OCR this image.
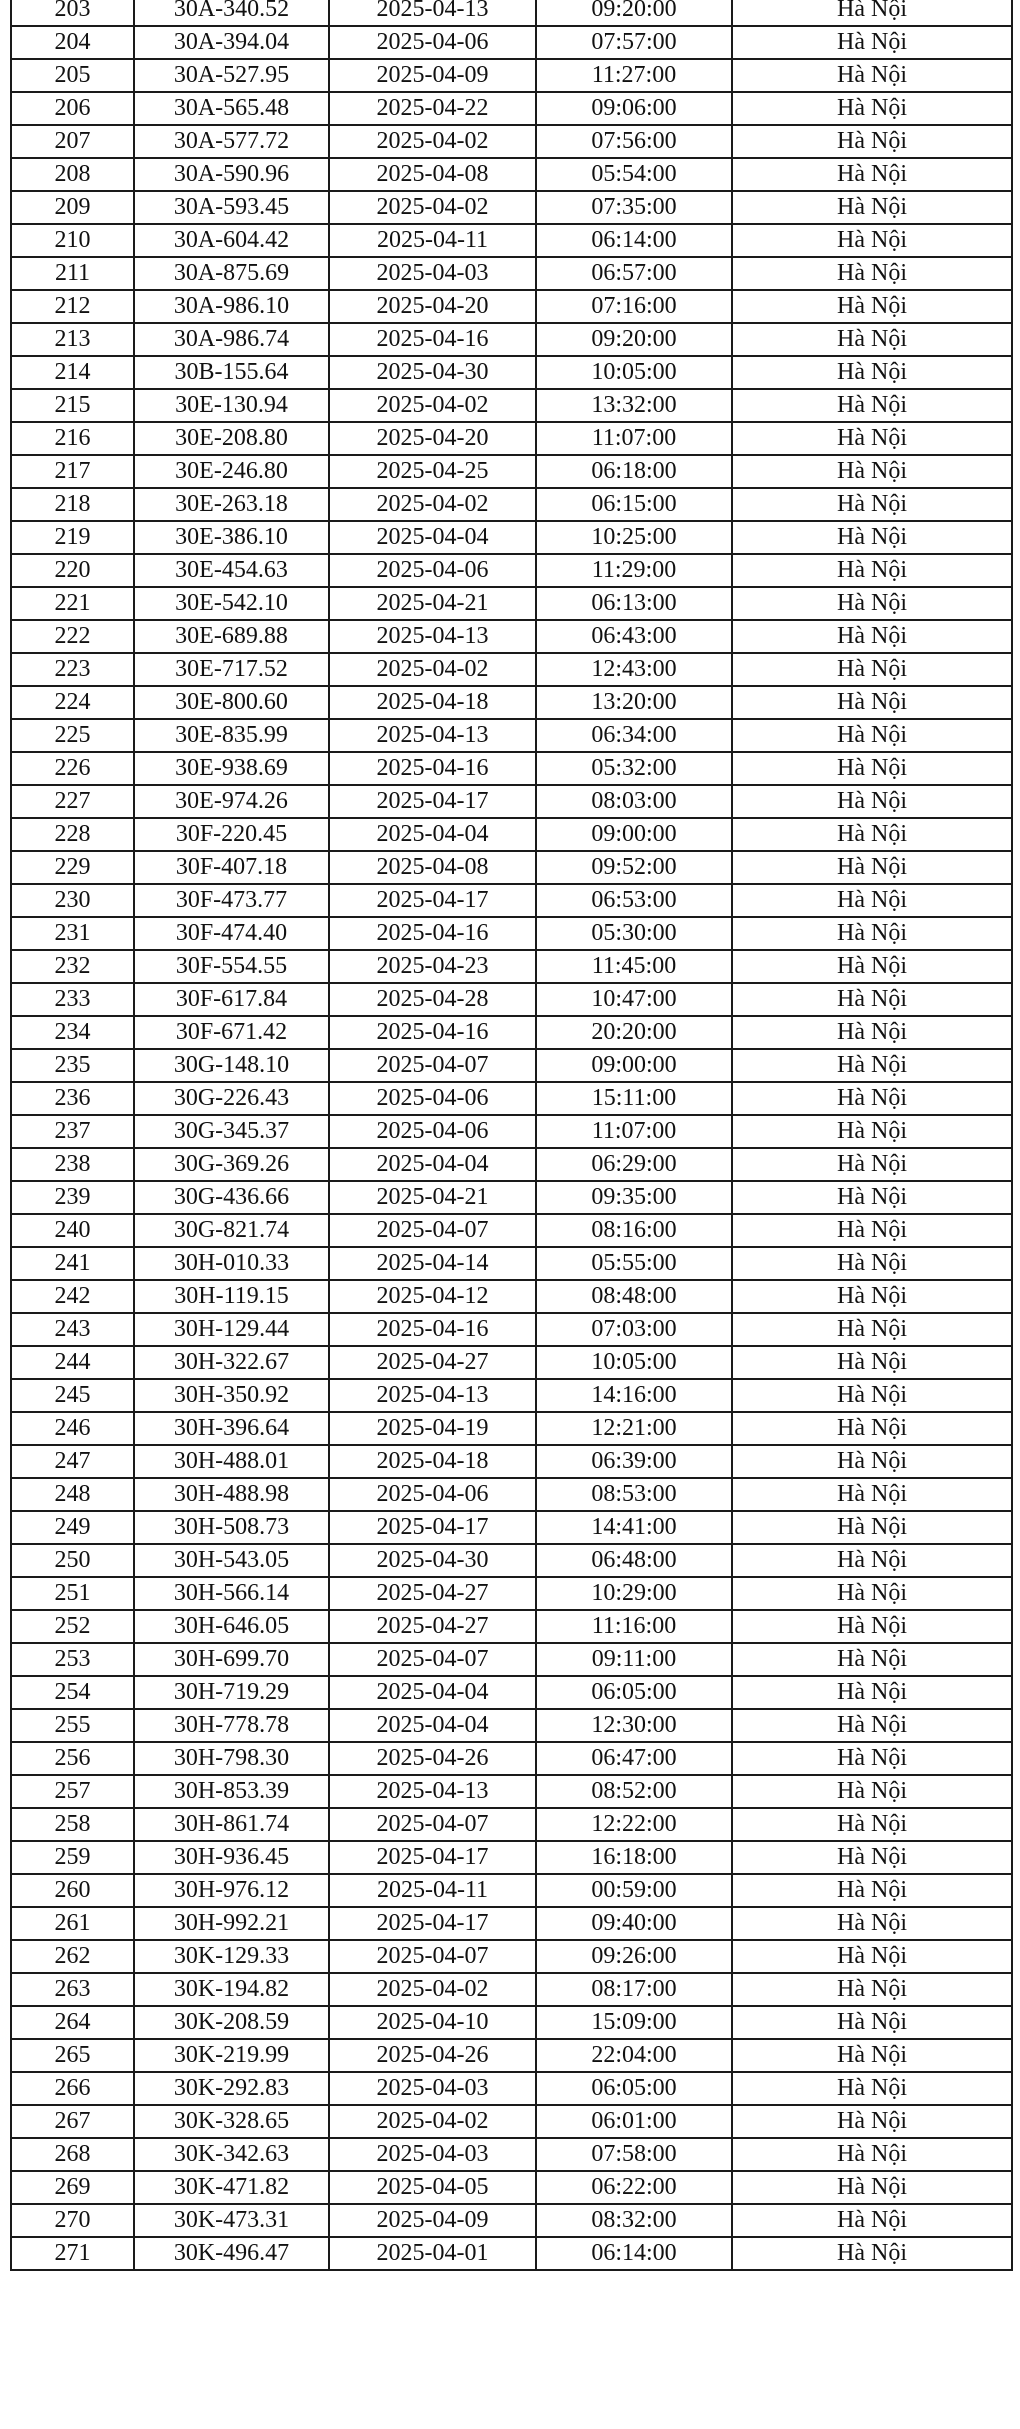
203	30A-340.52	2025-04-13	09:20:00	Hà Nội
204	30A-394.04	2025-04-06	07:57:00	Hà Nội
205	30A-527.95	2025-04-09	11:27:00	Hà Nội
206	30A-565.48	2025-04-22	09:06:00	Hà Nội
207	30A-577.72	2025-04-02	07:56:00	Hà Nội
208	30A-590.96	2025-04-08	05:54:00	Hà Nội
209	30A-593.45	2025-04-02	07:35:00	Hà Nội
210	30A-604.42	2025-04-11	06:14:00	Hà Nội
211	30A-875.69	2025-04-03	06:57:00	Hà Nội
212	30A-986.10	2025-04-20	07:16:00	Hà Nội
213	30A-986.74	2025-04-16	09:20:00	Hà Nội
214	30B-155.64	2025-04-30	10:05:00	Hà Nội
215	30E-130.94	2025-04-02	13:32:00	Hà Nội
216	30E-208.80	2025-04-20	11:07:00	Hà Nội
217	30E-246.80	2025-04-25	06:18:00	Hà Nội
218	30E-263.18	2025-04-02	06:15:00	Hà Nội
219	30E-386.10	2025-04-04	10:25:00	Hà Nội
220	30E-454.63	2025-04-06	11:29:00	Hà Nội
221	30E-542.10	2025-04-21	06:13:00	Hà Nội
222	30E-689.88	2025-04-13	06:43:00	Hà Nội
223	30E-717.52	2025-04-02	12:43:00	Hà Nội
224	30E-800.60	2025-04-18	13:20:00	Hà Nội
225	30E-835.99	2025-04-13	06:34:00	Hà Nội
226	30E-938.69	2025-04-16	05:32:00	Hà Nội
227	30E-974.26	2025-04-17	08:03:00	Hà Nội
228	30F-220.45	2025-04-04	09:00:00	Hà Nội
229	30F-407.18	2025-04-08	09:52:00	Hà Nội
230	30F-473.77	2025-04-17	06:53:00	Hà Nội
231	30F-474.40	2025-04-16	05:30:00	Hà Nội
232	30F-554.55	2025-04-23	11:45:00	Hà Nội
233	30F-617.84	2025-04-28	10:47:00	Hà Nội
234	30F-671.42	2025-04-16	20:20:00	Hà Nội
235	30G-148.10	2025-04-07	09:00:00	Hà Nội
236	30G-226.43	2025-04-06	15:11:00	Hà Nội
237	30G-345.37	2025-04-06	11:07:00	Hà Nội
238	30G-369.26	2025-04-04	06:29:00	Hà Nội
239	30G-436.66	2025-04-21	09:35:00	Hà Nội
240	30G-821.74	2025-04-07	08:16:00	Hà Nội
241	30H-010.33	2025-04-14	05:55:00	Hà Nội
242	30H-119.15	2025-04-12	08:48:00	Hà Nội
243	30H-129.44	2025-04-16	07:03:00	Hà Nội
244	30H-322.67	2025-04-27	10:05:00	Hà Nội
245	30H-350.92	2025-04-13	14:16:00	Hà Nội
246	30H-396.64	2025-04-19	12:21:00	Hà Nội
247	30H-488.01	2025-04-18	06:39:00	Hà Nội
248	30H-488.98	2025-04-06	08:53:00	Hà Nội
249	30H-508.73	2025-04-17	14:41:00	Hà Nội
250	30H-543.05	2025-04-30	06:48:00	Hà Nội
251	30H-566.14	2025-04-27	10:29:00	Hà Nội
252	30H-646.05	2025-04-27	11:16:00	Hà Nội
253	30H-699.70	2025-04-07	09:11:00	Hà Nội
254	30H-719.29	2025-04-04	06:05:00	Hà Nội
255	30H-778.78	2025-04-04	12:30:00	Hà Nội
256	30H-798.30	2025-04-26	06:47:00	Hà Nội
257	30H-853.39	2025-04-13	08:52:00	Hà Nội
258	30H-861.74	2025-04-07	12:22:00	Hà Nội
259	30H-936.45	2025-04-17	16:18:00	Hà Nội
260	30H-976.12	2025-04-11	00:59:00	Hà Nội
261	30H-992.21	2025-04-17	09:40:00	Hà Nội
262	30K-129.33	2025-04-07	09:26:00	Hà Nội
263	30K-194.82	2025-04-02	08:17:00	Hà Nội
264	30K-208.59	2025-04-10	15:09:00	Hà Nội
265	30K-219.99	2025-04-26	22:04:00	Hà Nội
266	30K-292.83	2025-04-03	06:05:00	Hà Nội
267	30K-328.65	2025-04-02	06:01:00	Hà Nội
268	30K-342.63	2025-04-03	07:58:00	Hà Nội
269	30K-471.82	2025-04-05	06:22:00	Hà Nội
270	30K-473.31	2025-04-09	08:32:00	Hà Nội
271	30K-496.47	2025-04-01	06:14:00	Hà Nội
